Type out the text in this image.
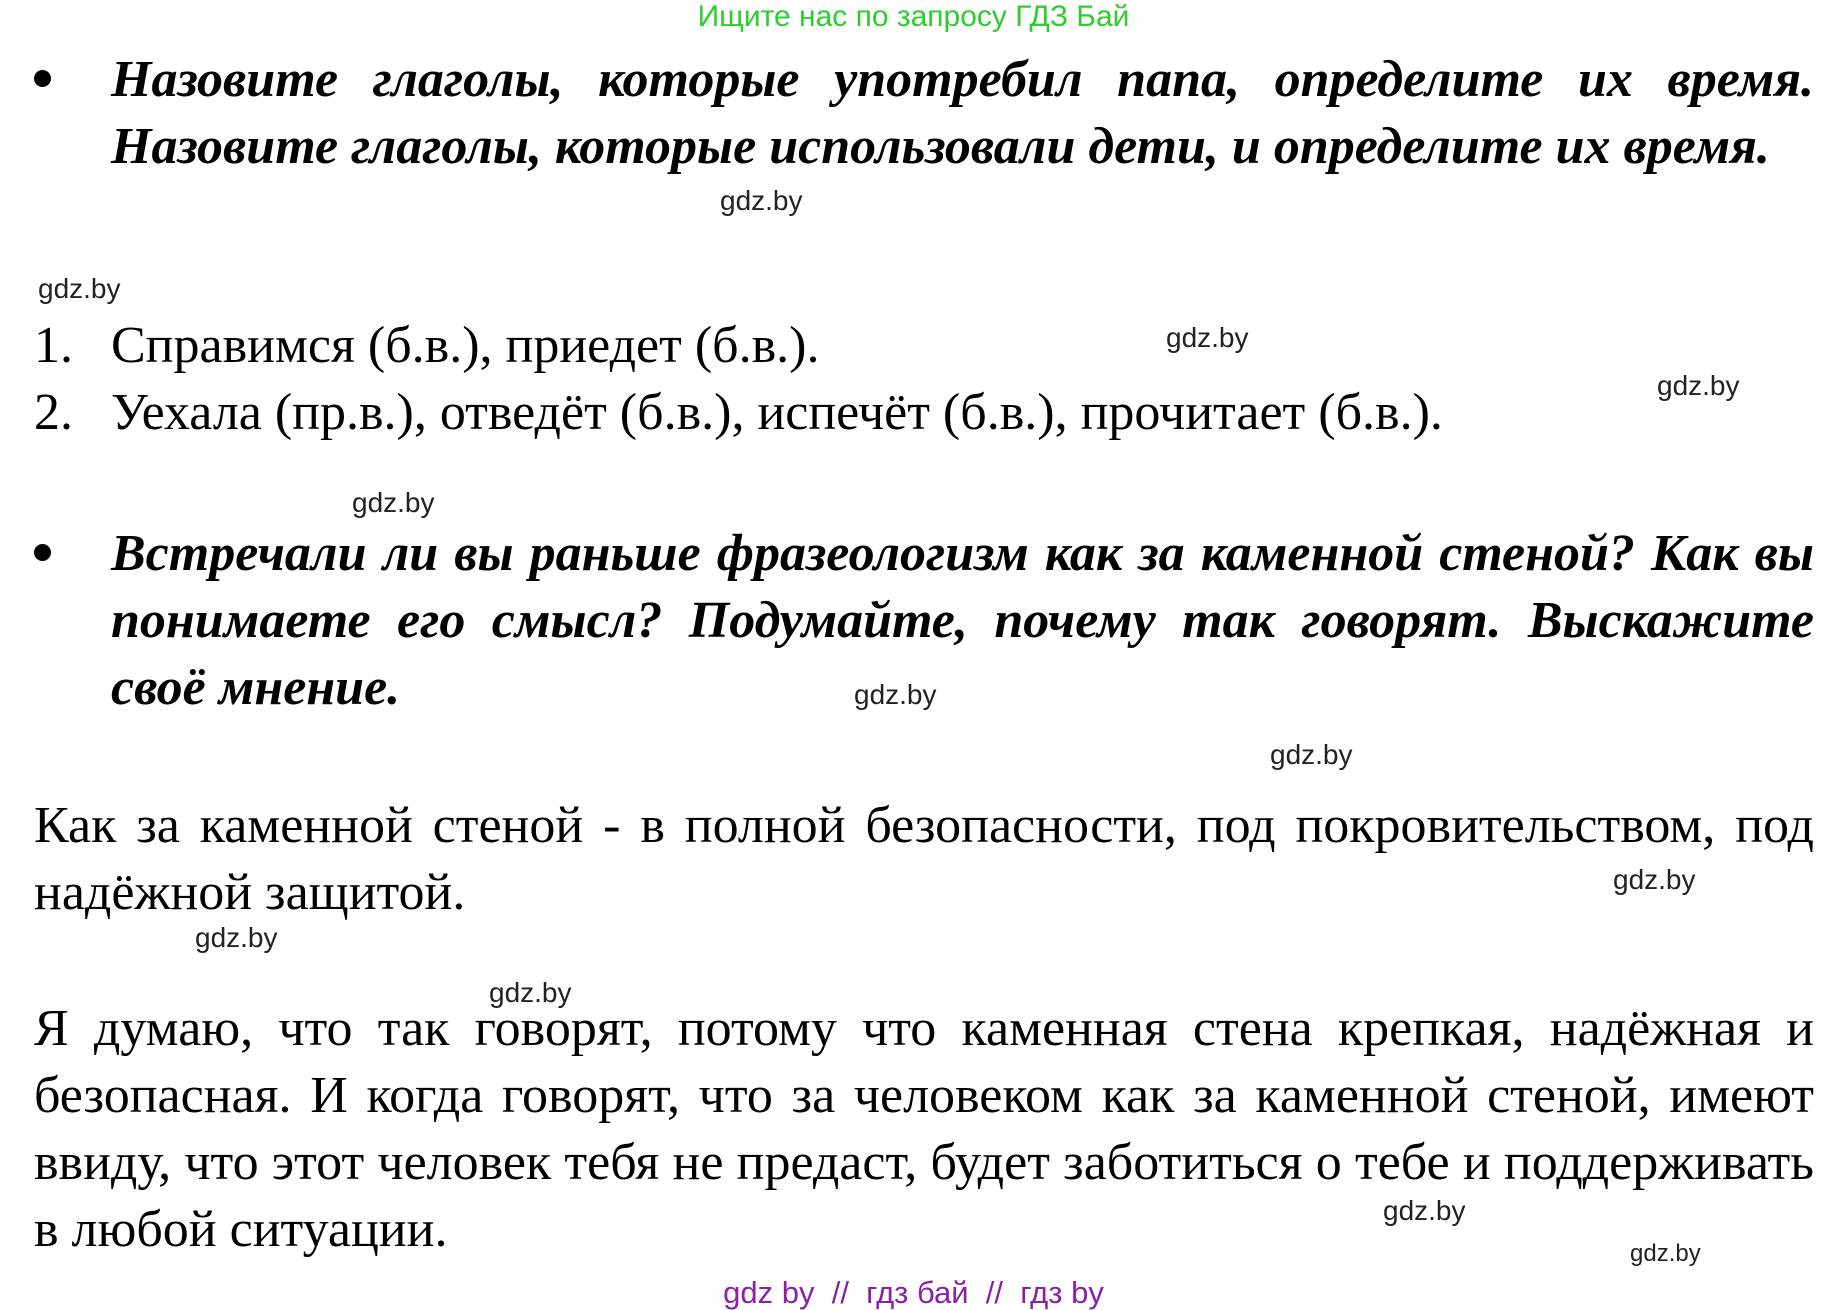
Ищите нас по запросу ГДЗ Бай
Назовите глаголы, которые употребил папа, определите их время. Назовите глаголы, которые использовали дети, и определите их время.
1. Справимся (б.в.), приедет (б.в.).
2. Уехала (пр.в.), отведёт (б.в.), испечёт (б.в.), прочитает (б.в.).
Встречали ли вы раньше фразеологизм как за каменной стеной? Как вы понимаете его смысл? Подумайте, почему так говорят. Выскажите своё мнение.
Как за каменной стеной - в полной безопасности, под покровительством, под надёжной защитой.
Я думаю, что так говорят, потому что каменная стена крепкая, надёжная и безопасная. И когда говорят, что за человеком как за каменной стеной, имеют ввиду, что этот человек тебя не предаст, будет заботиться о тебе и поддерживать в любой ситуации.
gdz.by
gdz.by
gdz.by
gdz.by
gdz.by
gdz.by
gdz.by
gdz.by
gdz.by
gdz.by
gdz.by
gdz.by
gdz by  //  гдз бай  //  гдз by
